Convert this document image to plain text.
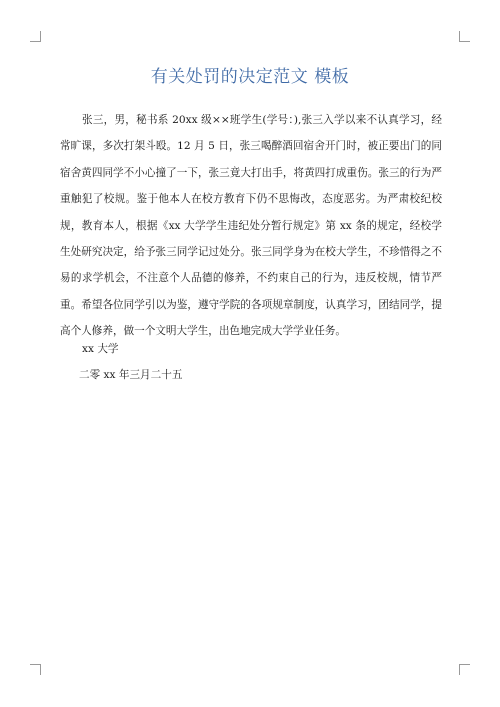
有关处罚的决定范文 模板
张三，男，秘书系 20xx 级××班学生(学号：),张三入学以来不认真学习，经常旷课，多次打架斗殴。12 月 5 日，张三喝醉酒回宿舍开门时，被正要出门的同宿舍黄四同学不小心撞了一下，张三竟大打出手，将黄四打成重伤。张三的行为严重触犯了校规。鉴于他本人在校方教育下仍不思悔改，态度恶劣。为严肃校纪校规，教育本人，根据《xx 大学学生违纪处分暂行规定》第 xx 条的规定，经校学生处研究决定，给予张三同学记过处分。张三同学身为在校大学生，不珍惜得之不易的求学机会，不注意个人品德的修养，不约束自己的行为，违反校规，情节严重。希望各位同学引以为鉴，遵守学院的各项规章制度，认真学习，团结同学，提高个人修养，做一个文明大学生，出色地完成大学学业任务。
xx 大学
二零 xx 年三月二十五
